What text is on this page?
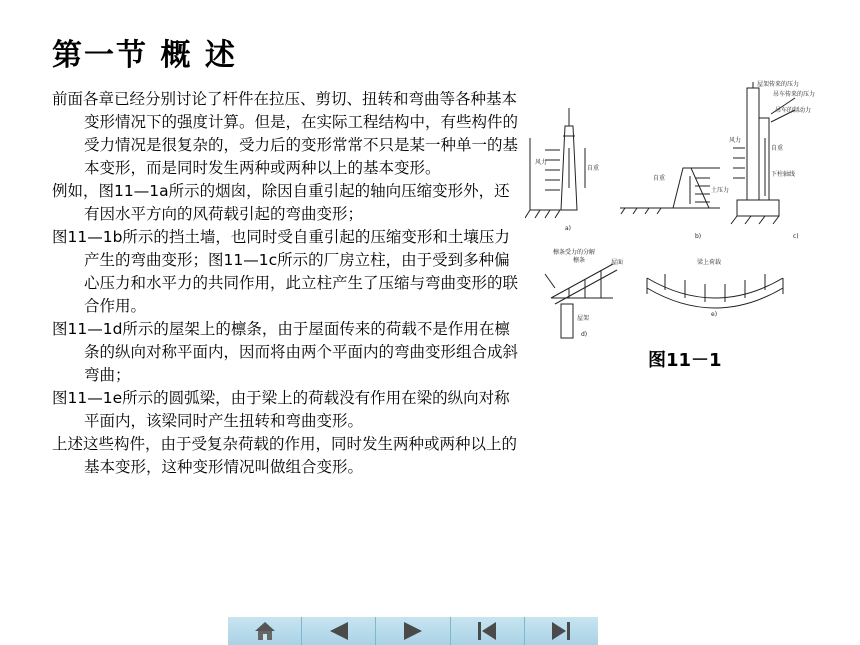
第一节 概 述

前面各章已经分别讨论了杆件在拉压、剪切、扭转和弯曲等各种基本变形情况下的强度计算。但是，在实际工程结构中，有些构件的受力情况是很复杂的，受力后的变形常常不只是某一种单一的基本变形，而是同时发生两种或两种以上的基本变形。

例如，图11—1a所示的烟囱，除因自重引起的轴向压缩变形外，还有因水平方向的风荷载引起的弯曲变形；

图11—1b所示的挡土墙，也同时受自重引起的压缩变形和土壤压力产生的弯曲变形；图11—1c所示的厂房立柱，由于受到多种偏心压力和水平力的共同作用，此立柱产生了压缩与弯曲变形的联合作用。

图11—1d所示的屋架上的檩条，由于屋面传来的荷载不是作用在檩条的纵向对称平面内，因而将由两个平面内的弯曲变形组合成斜弯曲；

图11—1e所示的圆弧梁，由于梁上的荷载没有作用在梁的纵向对称平面内，该梁同时产生扭转和弯曲变形。

上述这些构件，由于受复杂荷载的作用，同时发生两种或两种以上的基本变形，这种变形情况叫做组合变形。

风力
自重
a)
自重
土压力
b)
屋架传来的压力
吊车传来的压力
吊车的制动力
风力
自重
下柱轴线
c)
檩条受力的分解
檩条	屋面
屋架
d)
梁上荷载
e)
图11－1
